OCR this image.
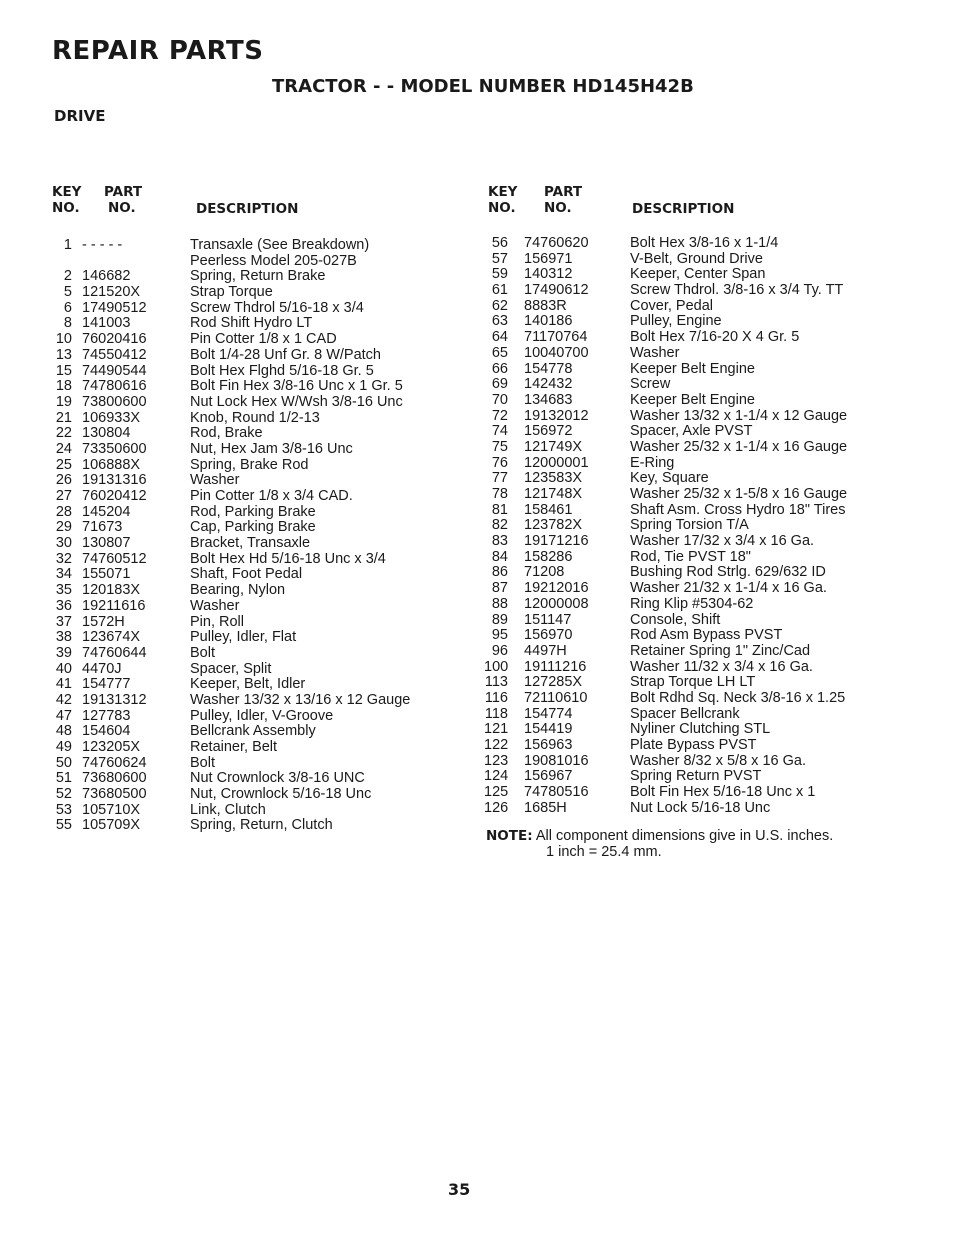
REPAIR PARTS
TRACTOR - - MODEL NUMBER HD145H42B
DRIVE
KEY
NO.
PART
NO.	DESCRIPTION
KEY
NO.
PART
NO.	DESCRIPTION
1 - - - - -	Transaxle (See Breakdown)
Peerless Model 205-027B
2 146682	Spring, Return Brake
5 121520X	Strap Torque
6 17490512	Screw Thdrol 5/16-18 x 3/4
8 141003	Rod Shift Hydro LT
10 76020416	Pin Cotter 1/8 x 1 CAD
13 74550412	Bolt 1/4-28 Unf Gr. 8 W/Patch
15 74490544	Bolt Hex Flghd 5/16-18 Gr. 5
18 74780616	Bolt Fin Hex 3/8-16 Unc x 1 Gr. 5
19 73800600	Nut Lock Hex W/Wsh 3/8-16 Unc
21 106933X	Knob, Round 1/2-13
22 130804	Rod, Brake
24 73350600	Nut, Hex Jam 3/8-16 Unc
25 106888X	Spring, Brake Rod
26 19131316	Washer
27 76020412	Pin Cotter 1/8 x 3/4 CAD.
28 145204	Rod, Parking Brake
29 71673	Cap, Parking Brake
30 130807	Bracket, Transaxle
32 74760512	Bolt Hex Hd 5/16-18 Unc x 3/4
34 155071	Shaft, Foot Pedal
35 120183X	Bearing, Nylon
36 19211616	Washer
37 1572H	Pin, Roll
38 123674X	Pulley, Idler, Flat
39 74760644	Bolt
40 4470J	Spacer, Split
41 154777	Keeper, Belt, Idler
42 19131312	Washer 13/32 x 13/16 x 12 Gauge
47 127783	Pulley, Idler, V-Groove
48 154604	Bellcrank Assembly
49 123205X	Retainer, Belt
50 74760624	Bolt
51 73680600	Nut Crownlock 3/8-16 UNC
52 73680500	Nut, Crownlock 5/16-18 Unc
53 105710X	Link, Clutch
55 105709X	Spring, Return, Clutch
56 74760620	Bolt Hex 3/8-16 x 1-1/4
57 156971	V-Belt, Ground Drive
59 140312	Keeper, Center Span
61 17490612	Screw Thdrol. 3/8-16 x 3/4 Ty. TT
62 8883R	Cover, Pedal
63 140186	Pulley, Engine
64 71170764	Bolt Hex 7/16-20 X 4 Gr. 5
65 10040700	Washer
66 154778	Keeper Belt Engine
69 142432	Screw
70 134683	Keeper Belt Engine
72 19132012	Washer 13/32 x 1-1/4 x 12 Gauge
74 156972	Spacer, Axle PVST
75 121749X	Washer 25/32 x 1-1/4 x 16 Gauge
76 12000001	E-Ring
77 123583X	Key, Square
78 121748X	Washer 25/32 x 1-5/8 x 16 Gauge
81 158461	Shaft Asm. Cross Hydro 18" Tires
82 123782X	Spring Torsion T/A
83 19171216	Washer 17/32 x 3/4 x 16 Ga.
84 158286	Rod, Tie PVST 18"
86 71208	Bushing Rod Strlg. 629/632 ID
87 19212016	Washer 21/32 x 1-1/4 x 16 Ga.
88 12000008	Ring Klip #5304-62
89 151147	Console, Shift
95 156970	Rod Asm Bypass PVST
96 4497H	Retainer Spring 1" Zinc/Cad
100 19111216	Washer 11/32 x 3/4 x 16 Ga.
113 127285X	Strap Torque LH LT
116 72110610	Bolt Rdhd Sq. Neck 3/8-16 x 1.25
118 154774	Spacer Bellcrank
121 154419	Nyliner Clutching STL
122 156963	Plate Bypass PVST
123 19081016	Washer 8/32 x 5/8 x 16 Ga.
124 156967	Spring Return PVST
125 74780516	Bolt Fin Hex 5/16-18 Unc x 1
126 1685H	Nut Lock 5/16-18 Unc
NOTE: All component dimensions give in U.S. inches.
1 inch = 25.4 mm.
35
